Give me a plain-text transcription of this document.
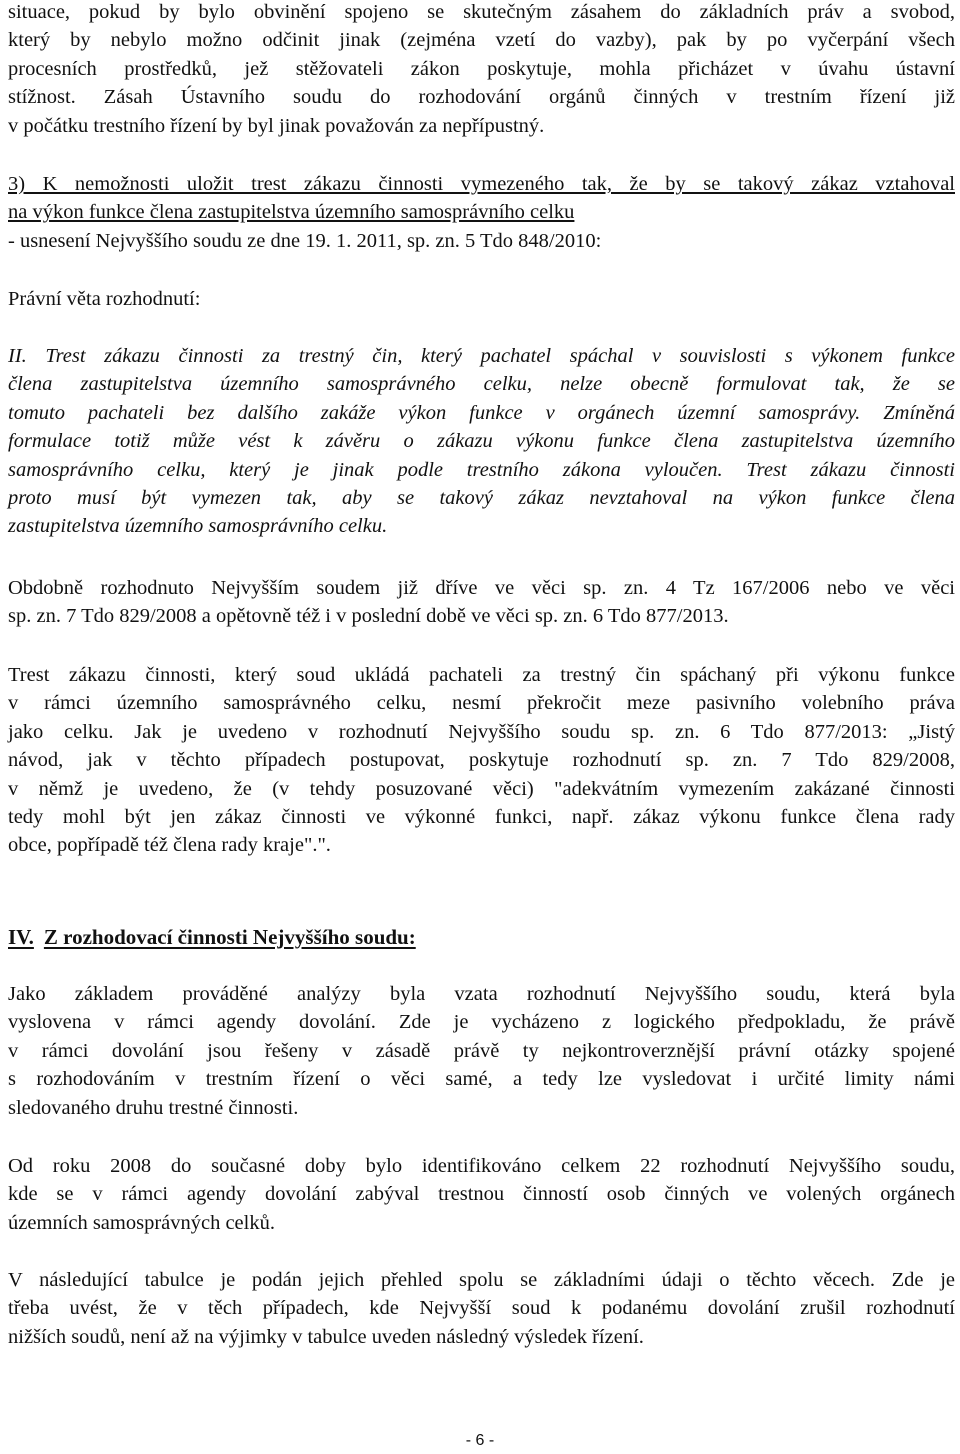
situace, pokud by bylo obvinění spojeno se skutečným zásahem do základních práv a svobod,
který by nebylo možno odčinit jinak (zejména vzetí do vazby), pak by po vyčerpání všech
procesních prostředků, jež stěžovateli zákon poskytuje, mohla přicházet v úvahu ústavní
stížnost. Zásah Ústavního soudu do rozhodování orgánů činných v trestním řízení již
v počátku trestního řízení by byl jinak považován za nepřípustný.

3) K nemožnosti uložit trest zákazu činnosti vymezeného tak, že by se takový zákaz vztahoval
na výkon funkce člena zastupitelstva územního samosprávního celku
- usnesení Nejvyššího soudu ze dne 19. 1. 2011, sp. zn. 5 Tdo 848/2010:

Právní věta rozhodnutí:

II. Trest zákazu činnosti za trestný čin, který pachatel spáchal v souvislosti s výkonem funkce
člena zastupitelstva územního samosprávného celku, nelze obecně formulovat tak, že se
tomuto pachateli bez dalšího zakáže výkon funkce v orgánech územní samosprávy. Zmíněná
formulace totiž může vést k závěru o zákazu výkonu funkce člena zastupitelstva územního
samosprávního celku, který je jinak podle trestního zákona vyloučen. Trest zákazu činnosti
proto musí být vymezen tak, aby se takový zákaz nevztahoval na výkon funkce člena
zastupitelstva územního samosprávního celku.

Obdobně rozhodnuto Nejvyšším soudem již dříve ve věci sp. zn. 4 Tz 167/2006 nebo ve věci
sp. zn. 7 Tdo 829/2008 a opětovně též i v poslední době ve věci sp. zn. 6 Tdo 877/2013.

Trest zákazu činnosti, který soud ukládá pachateli za trestný čin spáchaný při výkonu funkce
v rámci územního samosprávného celku, nesmí překročit meze pasivního volebního práva
jako celku. Jak je uvedeno v rozhodnutí Nejvyššího soudu sp. zn. 6 Tdo 877/2013: „Jistý
návod, jak v těchto případech postupovat, poskytuje rozhodnutí sp. zn. 7 Tdo 829/2008,
v němž je uvedeno, že (v tehdy posuzované věci) "adekvátním vymezením zakázané činnosti
tedy mohl být jen zákaz činnosti ve výkonné funkci, např. zákaz výkonu funkce člena rady
obce, popřípadě též člena rady kraje".".

IV. Z rozhodovací činnosti Nejvyššího soudu:

Jako základem prováděné analýzy byla vzata rozhodnutí Nejvyššího soudu, která byla
vyslovena v rámci agendy dovolání. Zde je vycházeno z logického předpokladu, že právě
v rámci dovolání jsou řešeny v zásadě právě ty nejkontroverznější právní otázky spojené
s rozhodováním v trestním řízení o věci samé, a tedy lze vysledovat i určité limity námi
sledovaného druhu trestné činnosti.

Od roku 2008 do současné doby bylo identifikováno celkem 22 rozhodnutí Nejvyššího soudu,
kde se v rámci agendy dovolání zabýval trestnou činností osob činných ve volených orgánech
územních samosprávných celků.

V následující tabulce je podán jejich přehled spolu se základními údaji o těchto věcech. Zde je
třeba uvést, že v těch případech, kde Nejvyšší soud k podanému dovolání zrušil rozhodnutí
nižších soudů, není až na výjimky v tabulce uveden následný výsledek řízení.

- 6 -
